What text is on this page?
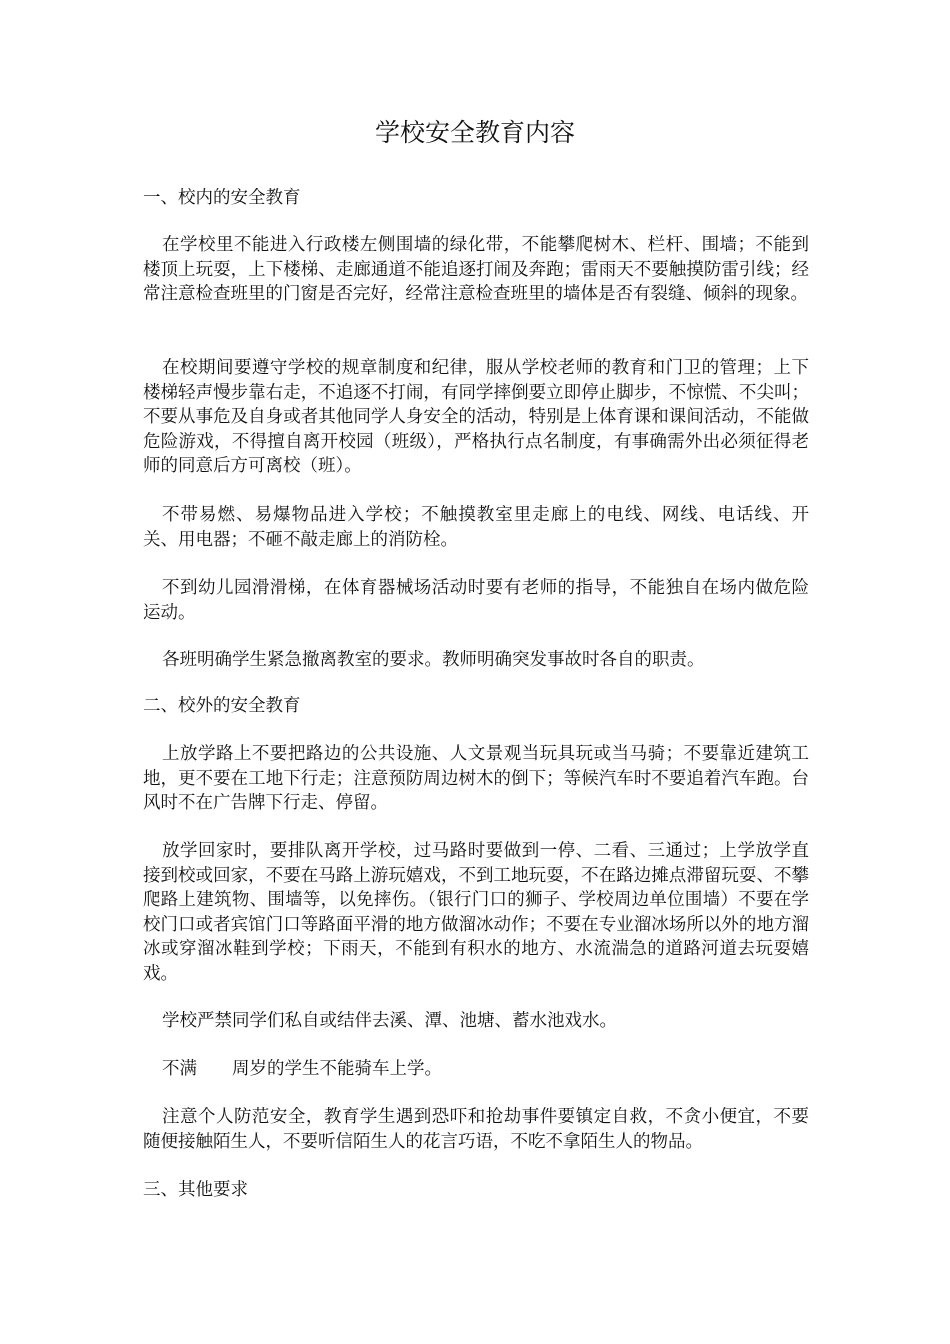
学校安全教育内容

一、校内的安全教育

在学校里不能进入行政楼左侧围墙的绿化带，不能攀爬树木、栏杆、围墙；不能到楼顶上玩耍，上下楼梯、走廊通道不能追逐打闹及奔跑；雷雨天不要触摸防雷引线；经常注意检查班里的门窗是否完好，经常注意检查班里的墙体是否有裂缝、倾斜的现象。

在校期间要遵守学校的规章制度和纪律，服从学校老师的教育和门卫的管理；上下楼梯轻声慢步靠右走，不追逐不打闹，有同学摔倒要立即停止脚步，不惊慌、不尖叫；不要从事危及自身或者其他同学人身安全的活动，特别是上体育课和课间活动，不能做危险游戏，不得擅自离开校园（班级），严格执行点名制度，有事确需外出必须征得老师的同意后方可离校（班）。

不带易燃、易爆物品进入学校；不触摸教室里走廊上的电线、网线、电话线、开关、用电器；不砸不敲走廊上的消防栓。

不到幼儿园滑滑梯，在体育器械场活动时要有老师的指导，不能独自在场内做危险运动。

各班明确学生紧急撤离教室的要求。教师明确突发事故时各自的职责。

二、校外的安全教育

上放学路上不要把路边的公共设施、人文景观当玩具玩或当马骑；不要靠近建筑工地，更不要在工地下行走；注意预防周边树木的倒下；等候汽车时不要追着汽车跑。台风时不在广告牌下行走、停留。

放学回家时，要排队离开学校，过马路时要做到一停、二看、三通过；上学放学直接到校或回家，不要在马路上游玩嬉戏，不到工地玩耍，不在路边摊点滞留玩耍、不攀爬路上建筑物、围墙等，以免摔伤。（银行门口的狮子、学校周边单位围墙）不要在学校门口或者宾馆门口等路面平滑的地方做溜冰动作；不要在专业溜冰场所以外的地方溜冰或穿溜冰鞋到学校；下雨天，不能到有积水的地方、水流湍急的道路河道去玩耍嬉戏。

学校严禁同学们私自或结伴去溪、潭、池塘、蓄水池戏水。

不满　　周岁的学生不能骑车上学。

注意个人防范安全，教育学生遇到恐吓和抢劫事件要镇定自救，不贪小便宜，不要随便接触陌生人，不要听信陌生人的花言巧语，不吃不拿陌生人的物品。

三、其他要求
